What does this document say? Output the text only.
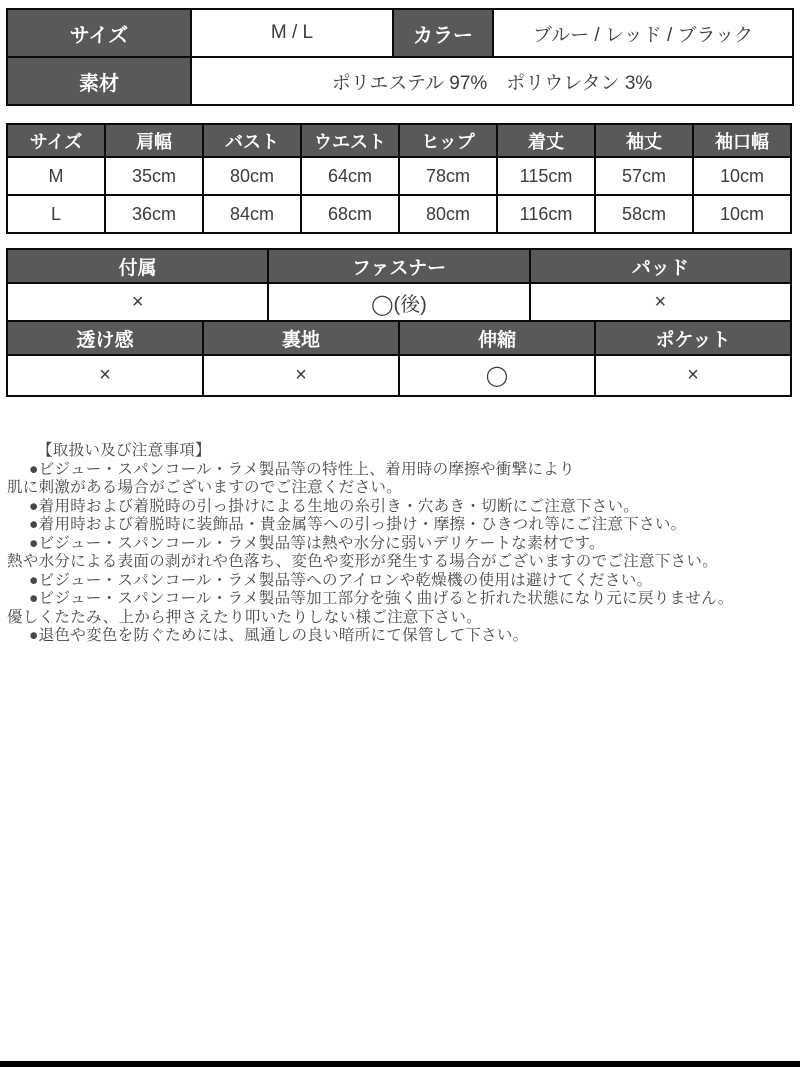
サイズ	M / L	カラー	ブルー / レッド / ブラック
素材	ポリエステル 97%　ポリウレタン 3%		
サイズ	肩幅	バスト	ウエスト	ヒップ	着丈	袖丈	袖口幅
M	35cm	80cm	64cm	78cm	115cm	57cm	10cm
L	36cm	84cm	68cm	80cm	116cm	58cm	10cm
付属	ファスナー	パッド
×	◯(後)	×
透け感	裏地	伸縮	ポケット
×	×	◯	×
【取扱い及び注意事項】
●ビジュー・スパンコール・ラメ製品等の特性上、着用時の摩擦や衝撃により
肌に刺激がある場合がございますのでご注意ください。
●着用時および着脱時の引っ掛けによる生地の糸引き・穴あき・切断にご注意下さい。
●着用時および着脱時に装飾品・貴金属等への引っ掛け・摩擦・ひきつれ等にご注意下さい。
●ビジュー・スパンコール・ラメ製品等は熱や水分に弱いデリケートな素材です。
熱や水分による表面の剥がれや色落ち、変色や変形が発生する場合がございますのでご注意下さい。
●ビジュー・スパンコール・ラメ製品等へのアイロンや乾燥機の使用は避けてください。
●ビジュー・スパンコール・ラメ製品等加工部分を強く曲げると折れた状態になり元に戻りません。
優しくたたみ、上から押さえたり叩いたりしない様ご注意下さい。
●退色や変色を防ぐためには、風通しの良い暗所にて保管して下さい。
